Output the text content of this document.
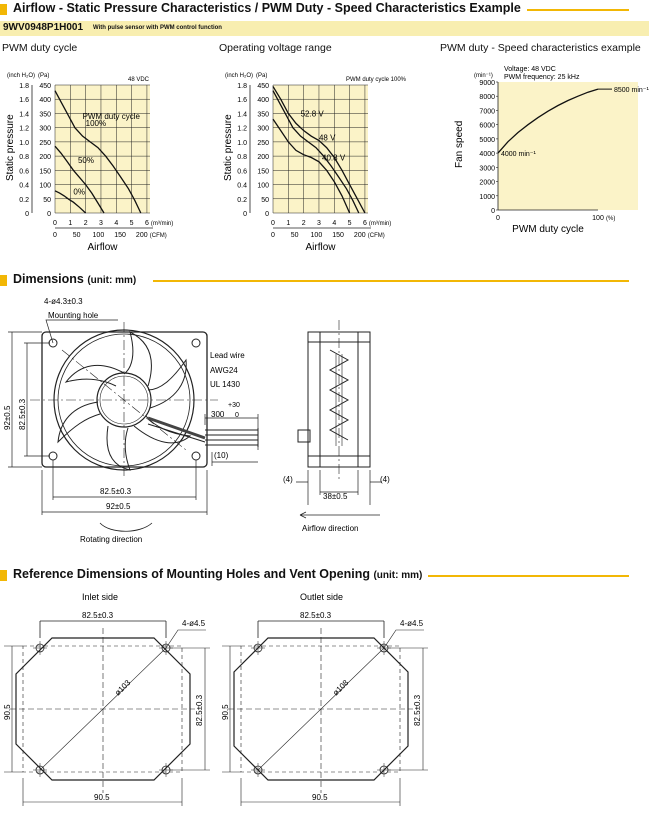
Airflow - Static Pressure Characteristics / PWM Duty - Speed Characteristics Example
9WV0948P1H001 With pulse sensor with PWM control function
PWM duty cycle	Operating voltage range	PWM duty - Speed characteristics example
(inch H₂O) (Pa)
48 VDC
1.8
1.6
1.4
1.2
1.0
0.8
0.6
0.4
0.2
0
450
400
350
300
250
200
150
100
50
0
Static pressure
0 1 2 3 4 5 6 (m³/min)
0 50 100 150 200 (CFM)
Airflow
100%
50%
0%
PWM duty cycle
(inch H₂O) (Pa)
PWM duty cycle 100%
1.8
1.6
1.4
1.2
1.0
0.8
0.6
0.4
0.2
0
450
400
350
300
250
200
150
100
50
0
Static pressure
0 1 2 3 4 5 6 (m³/min)
0 50 100 150 200 (CFM)
Airflow
52.8 V
48 V
40.8 V
9000
8000
7000
6000
5000
4000
3000
2000
1000
0
(min⁻¹)
Fan speed
0	100 (%)
PWM duty cycle
Voltage: 48 VDC
PWM frequency: 25 kHz
8500 min⁻¹
4000 min⁻¹
Dimensions (unit: mm)
4-ø4.3±0.3
Mounting hole
92±0.5 82.5±0.3
82.5±0.3
92±0.5
Rotating direction
Lead wire
AWG24
UL 1430
+30
300 0
(10)
(4)	(4)
38±0.5
Airflow direction
Reference Dimensions of Mounting Holes and Vent Opening (unit: mm)
Inlet side
82.5±0.3
4-ø4.5
ø103
90.5	82.5±0.3
90.5
Outlet side
82.5±0.3
4-ø4.5
ø108
90.5	82.5±0.3
90.5
